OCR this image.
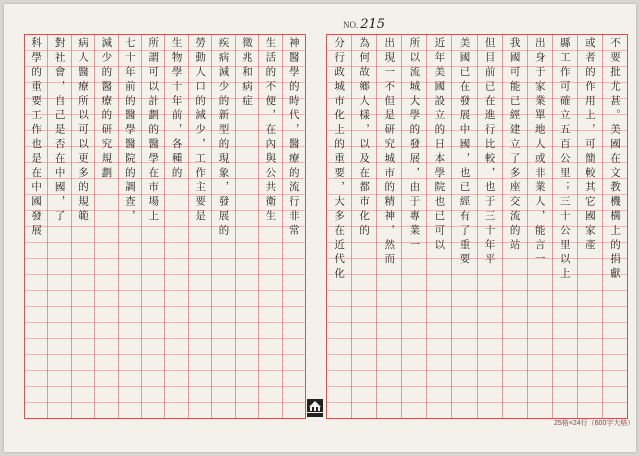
NO. 215
不要批尤甚。美國在文教機構上的捐獻
或者的作用上，可簡較其它國家產
縣工作可確立五百公里；三十公里以上
出身于家業單地人或非業人，能言一
我國可能已經建立了多座交流的站
但目前已在進行比較，也于三十年平
美國已在發展中國，也已經有了重要
近年美國設立的日本學院也已可以
所以流城大學的發展，由于專業一
出現一不但是研究城市的精神，然而
為何故鄉人樣，以及在都市化的
分行政城市化上的重要，大多在近代化
神醫學的時代，醫療的流行非常
生活的不便，在內與公共衛生
徵兆和病症
疾病減少的新型的現象，發展的
勞動人口的減少，工作主要是
生物學十年前，各種的
所謂可以計劃的醫學在市場上
七十年前的醫學醫院的調查，
減少的醫療的研究規劃
病人醫療所以可以更多的規範
對社會，自己是否在中國，了
科學的重要工作也是在中國發展
25格×24行（600字大格）
